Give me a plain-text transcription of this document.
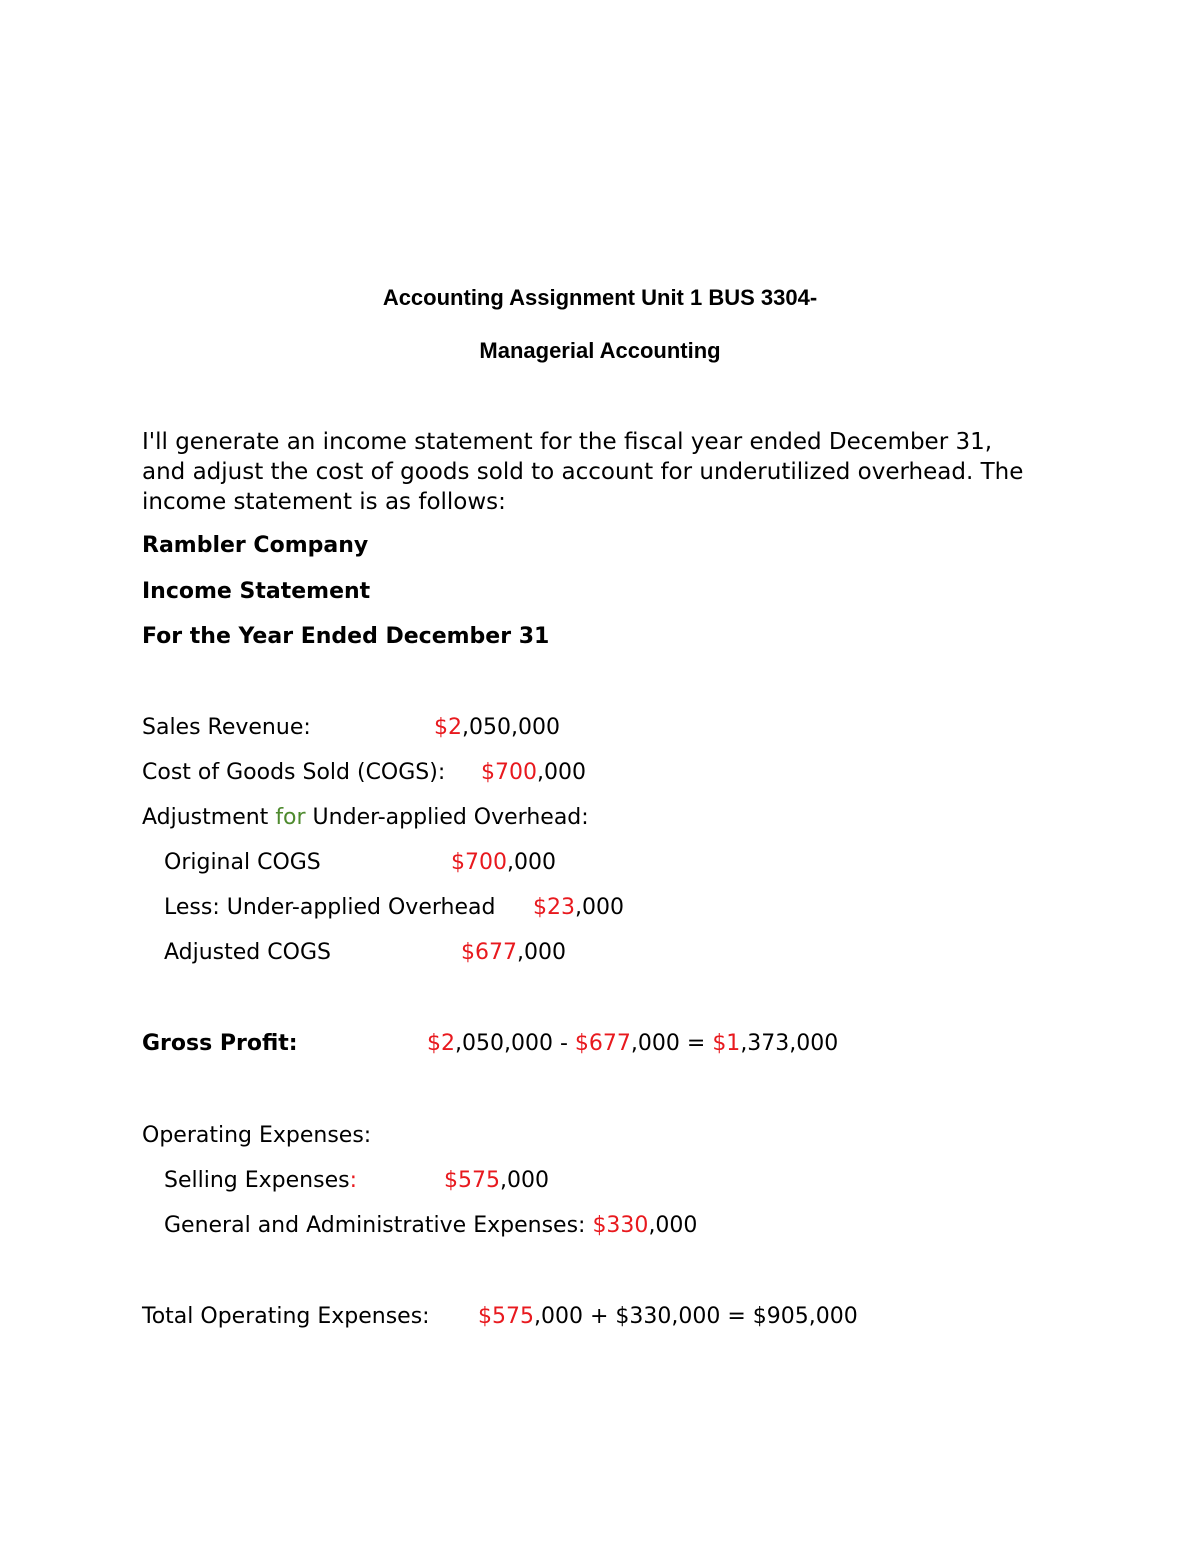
Accounting Assignment Unit 1 BUS 3304-
Managerial Accounting
I'll generate an income statement for the fiscal year ended December 31,
and adjust the cost of goods sold to account for underutilized overhead. The
income statement is as follows:
Rambler Company
Income Statement
For the Year Ended December 31
Sales Revenue:	$2,050,000
Cost of Goods Sold (COGS): $700,000
Adjustment for Under-applied Overhead:
Original COGS	$700,000
Less: Under-applied Overhead $23,000
Adjusted COGS	$677,000
Gross Profit:	$2,050,000 - $677,000 = $1,373,000
Operating Expenses:
Selling Expenses:	$575,000
General and Administrative Expenses: $330,000
Total Operating Expenses: $575,000 + $330,000 = $905,000
